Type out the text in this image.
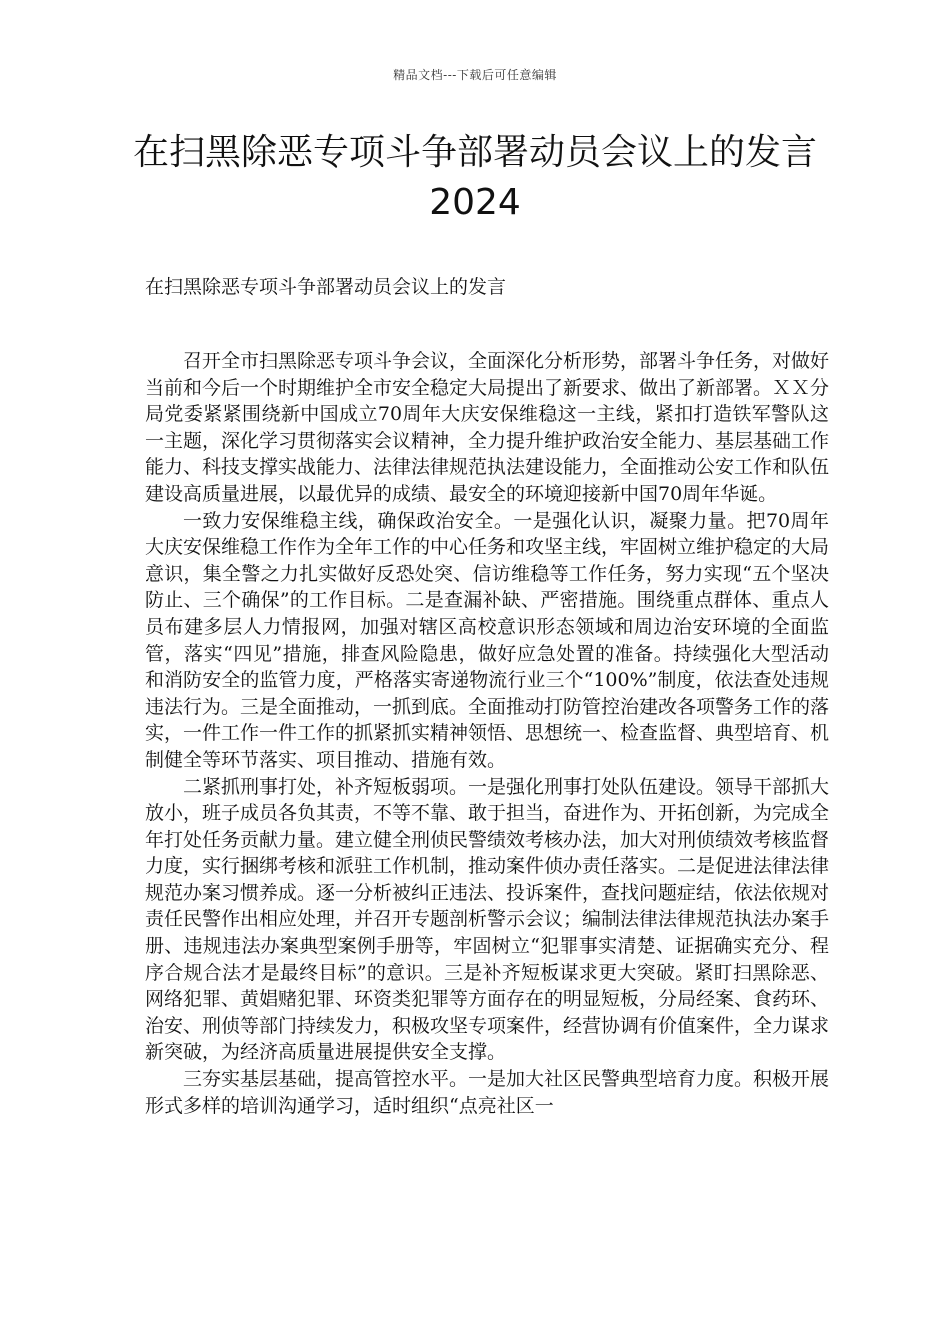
精品文档---下载后可任意编辑
在扫黑除恶专项斗争部署动员会议上的发言2024
在扫黑除恶专项斗争部署动员会议上的发言

召开全市扫黑除恶专项斗争会议，全面深化分析形势，部署斗争任务，对做好当前和今后一个时期维护全市安全稳定大局提出了新要求、做出了新部署。ＸＸ分局党委紧紧围绕新中国成立70周年大庆安保维稳这一主线，紧扣打造铁军警队这一主题，深化学习贯彻落实会议精神，全力提升维护政治安全能力、基层基础工作能力、科技支撑实战能力、法律法律规范执法建设能力，全面推动公安工作和队伍建设高质量进展，以最优异的成绩、最安全的环境迎接新中国70周年华诞。

一致力安保维稳主线，确保政治安全。一是强化认识，凝聚力量。把70周年大庆安保维稳工作作为全年工作的中心任务和攻坚主线，牢固树立维护稳定的大局意识，集全警之力扎实做好反恐处突、信访维稳等工作任务，努力实现“五个坚决防止、三个确保”的工作目标。二是查漏补缺、严密措施。围绕重点群体、重点人员布建多层人力情报网，加强对辖区高校意识形态领域和周边治安环境的全面监管，落实“四见”措施，排查风险隐患，做好应急处置的准备。持续强化大型活动和消防安全的监管力度，严格落实寄递物流行业三个“100%”制度，依法查处违规违法行为。三是全面推动，一抓到底。全面推动打防管控治建改各项警务工作的落实，一件工作一件工作的抓紧抓实精神领悟、思想统一、检查监督、典型培育、机制健全等环节落实、项目推动、措施有效。

二紧抓刑事打处，补齐短板弱项。一是强化刑事打处队伍建设。领导干部抓大放小，班子成员各负其责，不等不靠、敢于担当，奋进作为、开拓创新，为完成全年打处任务贡献力量。建立健全刑侦民警绩效考核办法，加大对刑侦绩效考核监督力度，实行捆绑考核和派驻工作机制，推动案件侦办责任落实。二是促进法律法律规范办案习惯养成。逐一分析被纠正违法、投诉案件，查找问题症结，依法依规对责任民警作出相应处理，并召开专题剖析警示会议；编制法律法律规范执法办案手册、违规违法办案典型案例手册等，牢固树立“犯罪事实清楚、证据确实充分、程序合规合法才是最终目标”的意识。三是补齐短板谋求更大突破。紧盯扫黑除恶、网络犯罪、黄娼赌犯罪、环资类犯罪等方面存在的明显短板，分局经案、食药环、治安、刑侦等部门持续发力，积极攻坚专项案件，经营协调有价值案件，全力谋求新突破，为经济高质量进展提供安全支撑。

三夯实基层基础，提高管控水平。一是加大社区民警典型培育力度。积极开展形式多样的培训沟通学习，适时组织“点亮社区一
